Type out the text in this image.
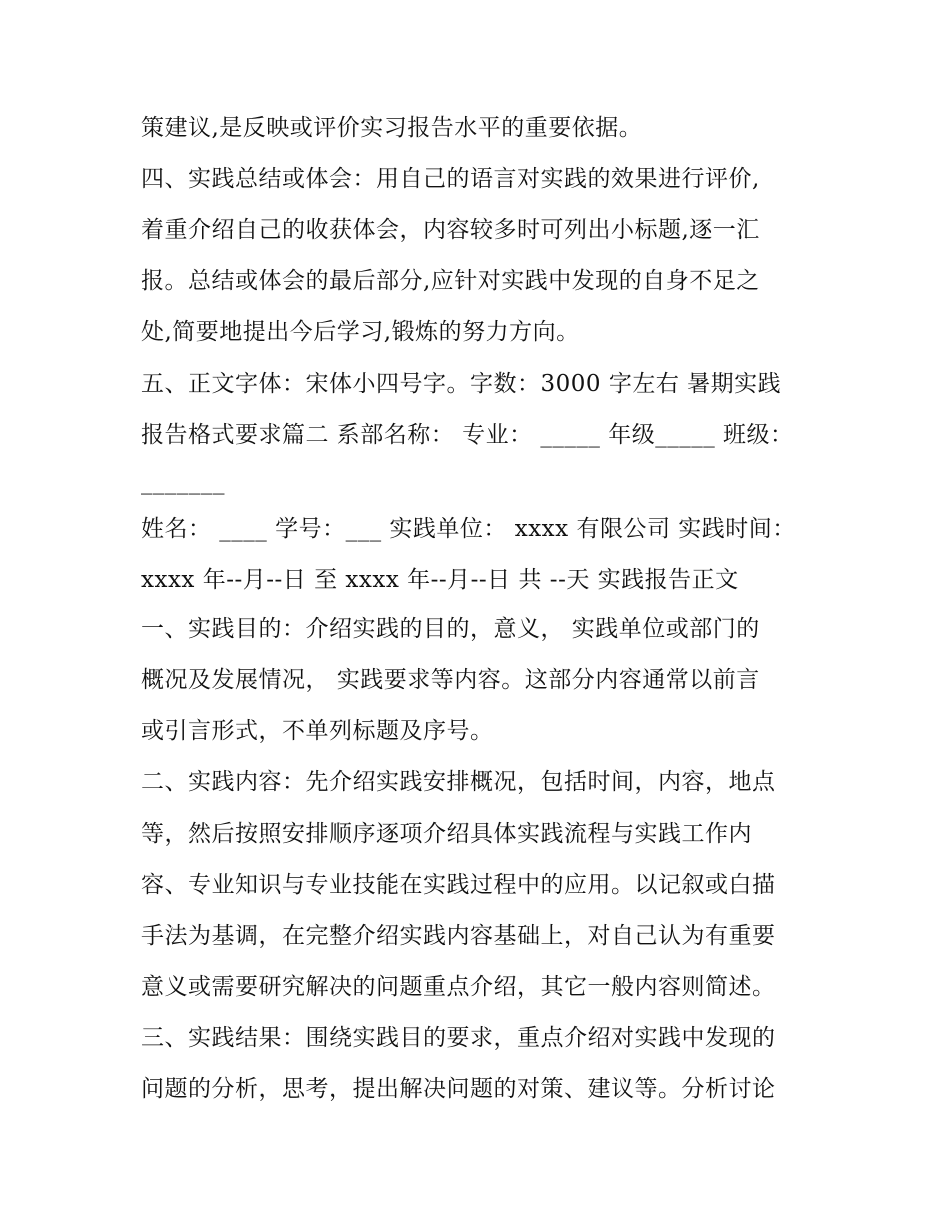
策建议,是反映或评价实习报告水平的重要依据。
四、实践总结或体会：用自己的语言对实践的效果进行评价,
着重介绍自己的收获体会，内容较多时可列出小标题,逐一汇
报。总结或体会的最后部分,应针对实践中发现的自身不足之
处,简要地提出今后学习,锻炼的努力方向。
五、正文字体：宋体小四号字。字数：3000 字左右 暑期实践
报告格式要求篇二 系部名称： 专业： _____ 年级_____ 班级：
_______
姓名： ____ 学号：___ 实践单位： xxxx 有限公司 实践时间：
xxxx 年--月--日 至 xxxx 年--月--日 共 --天 实践报告正文
一、实践目的：介绍实践的目的，意义， 实践单位或部门的
概况及发展情况， 实践要求等内容。这部分内容通常以前言
或引言形式，不单列标题及序号。
二、实践内容：先介绍实践安排概况，包括时间，内容，地点
等，然后按照安排顺序逐项介绍具体实践流程与实践工作内
容、专业知识与专业技能在实践过程中的应用。以记叙或白描
手法为基调，在完整介绍实践内容基础上，对自己认为有重要
意义或需要研究解决的问题重点介绍，其它一般内容则简述。
三、实践结果：围绕实践目的要求，重点介绍对实践中发现的
问题的分析，思考，提出解决问题的对策、建议等。分析讨论
